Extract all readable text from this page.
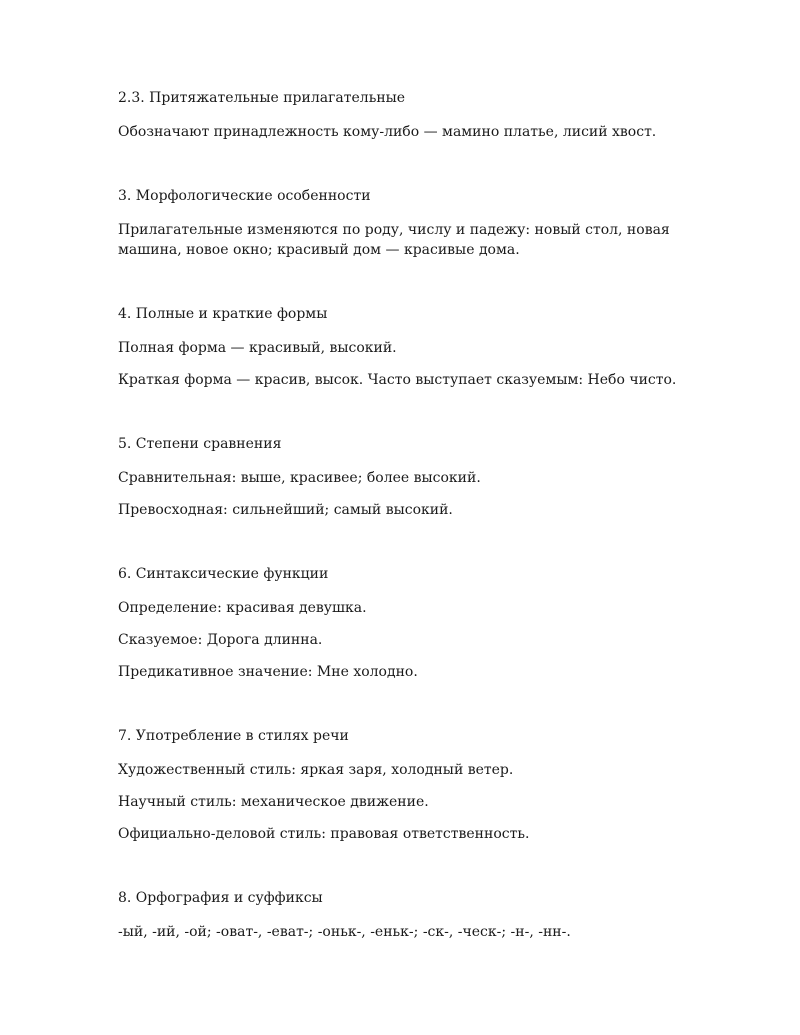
2.3. Притяжательные прилагательные
Обозначают принадлежность кому-либо — мамино платье, лисий хвост.
3. Морфологические особенности
Прилагательные изменяются по роду, числу и падежу: новый стол, новая машина, новое окно; красивый дом — красивые дома.
4. Полные и краткие формы
Полная форма — красивый, высокий.
Краткая форма — красив, высок. Часто выступает сказуемым: Небо чисто.
5. Степени сравнения
Сравнительная: выше, красивее; более высокий.
Превосходная: сильнейший; самый высокий.
6. Синтаксические функции
Определение: красивая девушка.
Сказуемое: Дорога длинна.
Предикативное значение: Мне холодно.
7. Употребление в стилях речи
Художественный стиль: яркая заря, холодный ветер.
Научный стиль: механическое движение.
Официально-деловой стиль: правовая ответственность.
8. Орфография и суффиксы
-ый, -ий, -ой; -оват-, -еват-; -оньк-, -еньк-; -ск-, -ческ-; -н-, -нн-.
